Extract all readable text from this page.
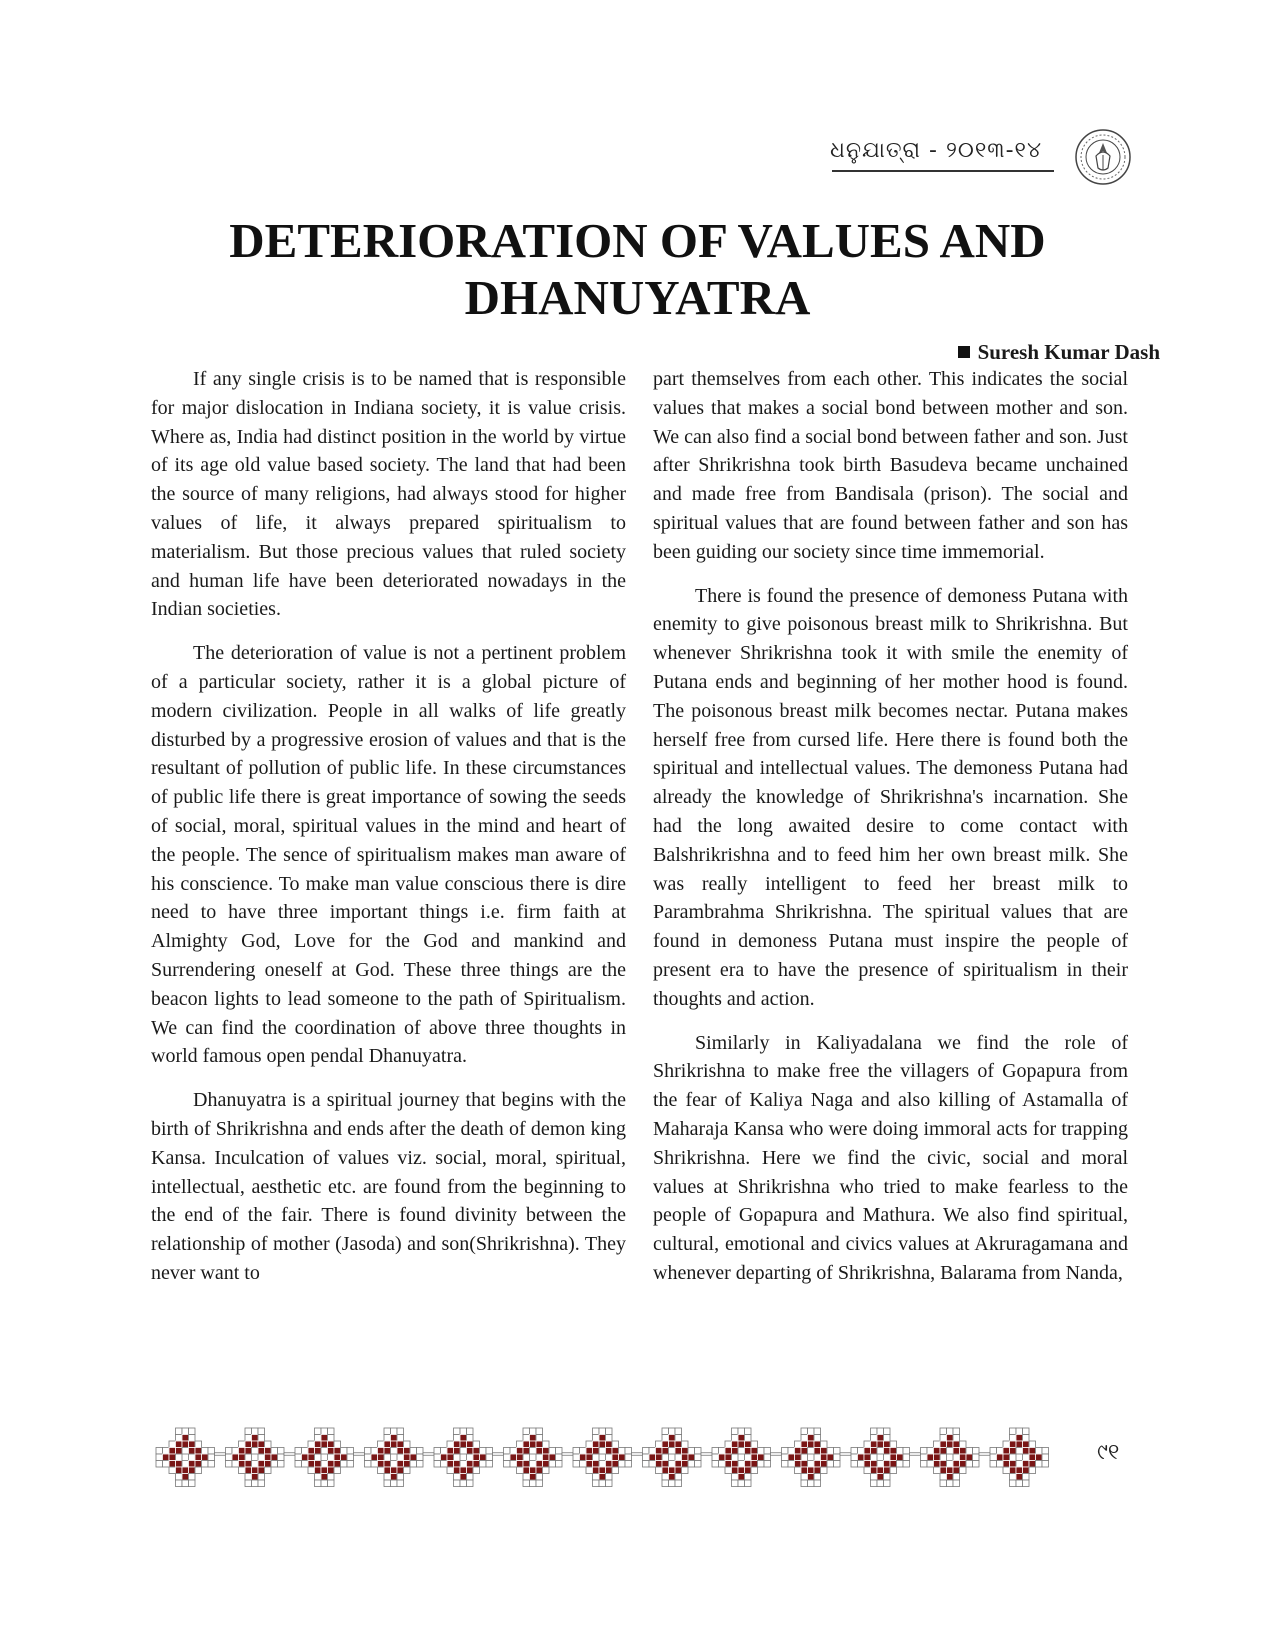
ଧନୁଯାତ୍ରା - ୨୦୧୩-୧୪
DETERIORATION OF VALUES AND DHANUYATRA
Suresh Kumar Dash

If any single crisis is to be named that is responsible for major dislocation in Indiana society, it is value crisis. Where as, India had distinct position in the world by virtue of its age old value based society. The land that had been the source of many religions, had always stood for higher values of life, it always prepared spiritualism to materialism. But those precious values that ruled society and human life have been deteriorated nowadays in the Indian societies.

The deterioration of value is not a pertinent problem of a particular society, rather it is a global picture of modern civilization. People in all walks of life greatly disturbed by a progressive erosion of values and that is the resultant of pollution of public life. In these circumstances of public life there is great importance of sowing the seeds of social, moral, spiritual values in the mind and heart of the people. The sence of spiritualism makes man aware of his conscience. To make man value conscious there is dire need to have three important things i.e. firm faith at Almighty God, Love for the God and mankind and Surrendering oneself at God. These three things are the beacon lights to lead someone to the path of Spiritualism. We can find the coordination of above three thoughts in world famous open pendal Dhanuyatra.

Dhanuyatra is a spiritual journey that begins with the birth of Shrikrishna and ends after the death of demon king Kansa. Inculcation of values viz. social, moral, spiritual, intellectual, aesthetic etc. are found from the beginning to the end of the fair. There is found divinity between the relationship of mother (Jasoda) and son(Shrikrishna). They never want to

part themselves from each other. This indicates the social values that makes a social bond between mother and son. We can also find a social bond between father and son. Just after Shrikrishna took birth Basudeva became unchained and made free from Bandisala (prison). The social and spiritual values that are found between father and son has been guiding our society since time immemorial.

There is found the presence of demoness Putana with enemity to give poisonous breast milk to Shrikrishna. But whenever Shrikrishna took it with smile the enemity of Putana ends and beginning of her mother hood is found. The poisonous breast milk becomes nectar. Putana makes herself free from cursed life. Here there is found both the spiritual and intellectual values. The demoness Putana had already the knowledge of Shrikrishna's incarnation. She had the long awaited desire to come contact with Balshrikrishna and to feed him her own breast milk. She was really intelligent to feed her breast milk to Parambrahma Shrikrishna. The spiritual values that are found in demoness Putana must inspire the people of present era to have the presence of spiritualism in their thoughts and action.

Similarly in Kaliyadalana we find the role of Shrikrishna to make free the villagers of Gopapura from the fear of Kaliya Naga and also killing of Astamalla of Maharaja Kansa who were doing immoral acts for trapping Shrikrishna. Here we find the civic, social and moral values at Shrikrishna who tried to make fearless to the people of Gopapura and Mathura. We also find spiritual, cultural, emotional and civics values at Akruragamana and whenever departing of Shrikrishna, Balarama from Nanda,

୯୧
